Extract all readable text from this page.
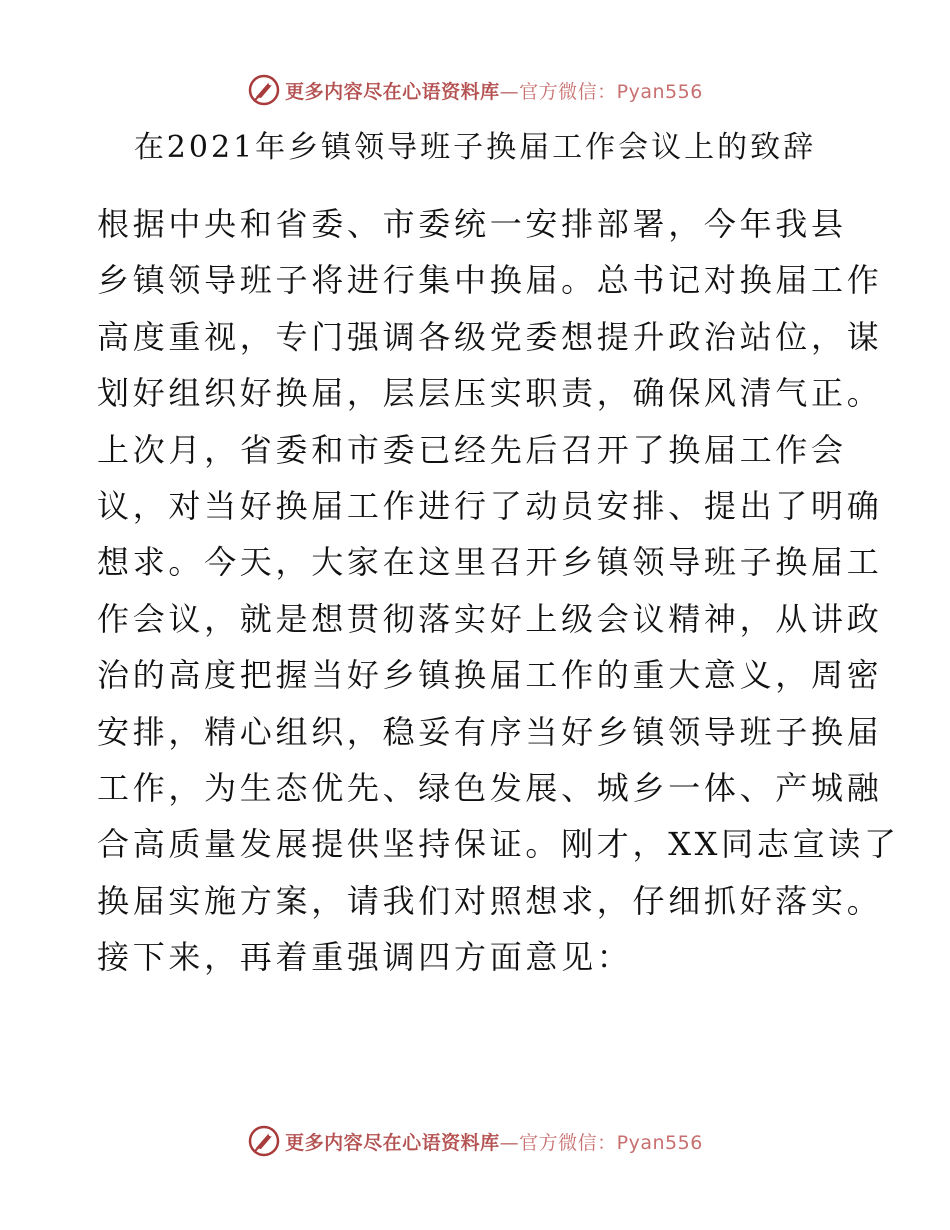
更多内容尽在心语资料库—官方微信：Pyan556
在2021年乡镇领导班子换届工作会议上的致辞
根据中央和省委、市委统一安排部署，今年我县
乡镇领导班子将进行集中换届。总书记对换届工作
高度重视，专门强调各级党委想提升政治站位，谋
划好组织好换届，层层压实职责，确保风清气正。
上次月，省委和市委已经先后召开了换届工作会
议，对当好换届工作进行了动员安排、提出了明确
想求。今天，大家在这里召开乡镇领导班子换届工
作会议，就是想贯彻落实好上级会议精神，从讲政
治的高度把握当好乡镇换届工作的重大意义，周密
安排，精心组织，稳妥有序当好乡镇领导班子换届
工作，为生态优先、绿色发展、城乡一体、产城融
合高质量发展提供坚持保证。刚才，XX同志宣读了
换届实施方案，请我们对照想求，仔细抓好落实。
接下来，再着重强调四方面意见：
更多内容尽在心语资料库—官方微信：Pyan556
